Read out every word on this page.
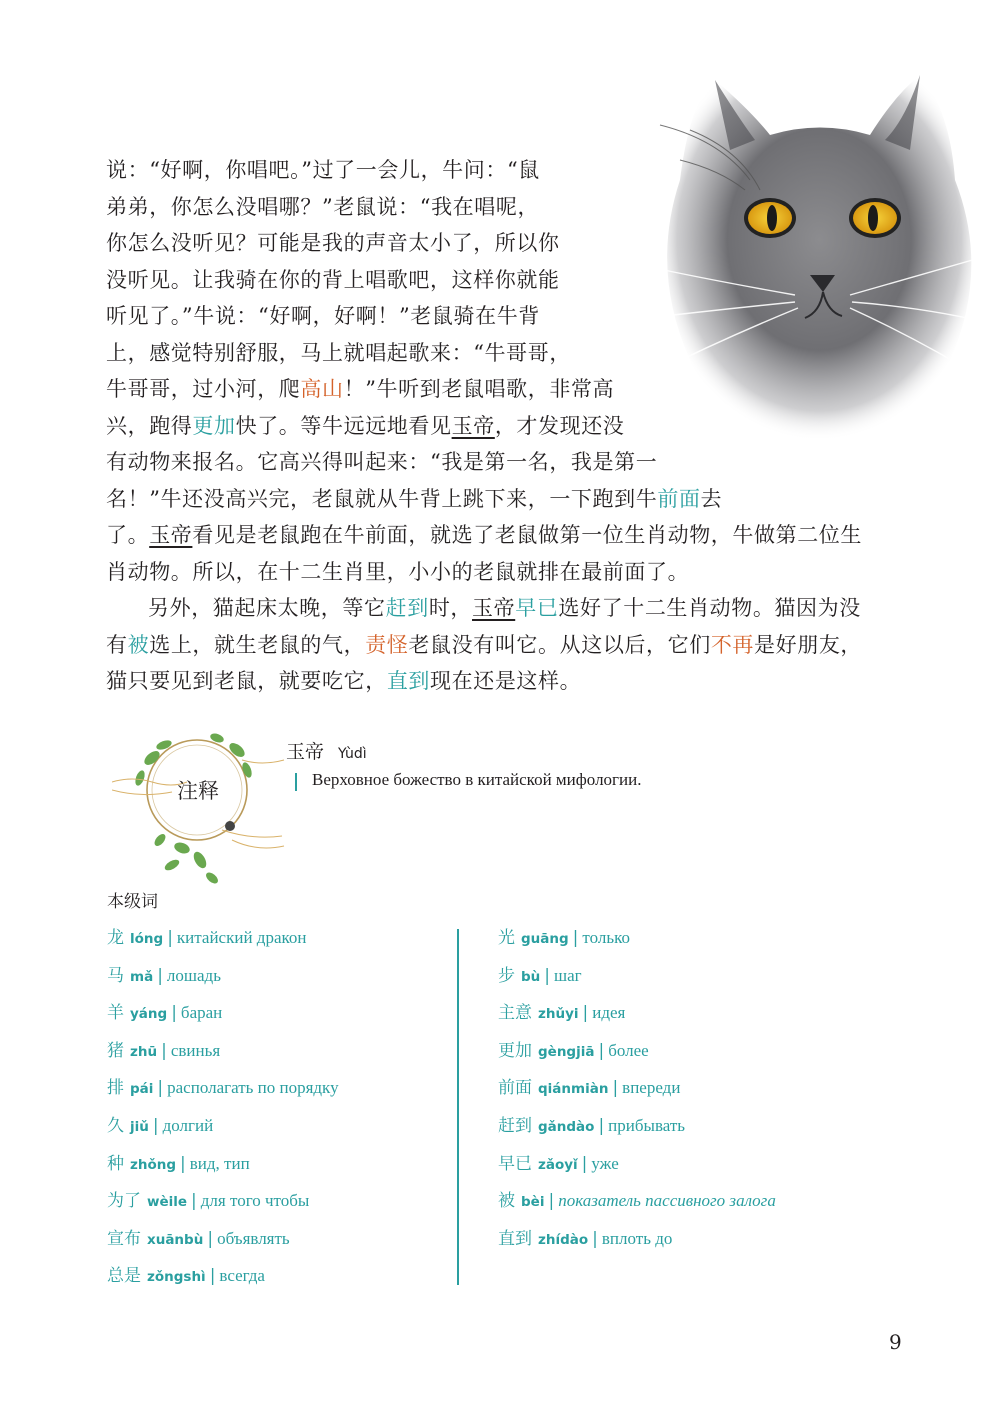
说：“好啊，你唱吧。”过了一会儿，牛问：“鼠
弟弟，你怎么没唱哪？”老鼠说：“我在唱呢，
你怎么没听见？可能是我的声音太小了，所以你
没听见。让我骑在你的背上唱歌吧，这样你就能
听见了。”牛说：“好啊，好啊！”老鼠骑在牛背
上，感觉特别舒服，马上就唱起歌来：“牛哥哥，
牛哥哥，过小河，爬高山！”牛听到老鼠唱歌，非常高
兴，跑得更加快了。等牛远远地看见玉帝，才发现还没
有动物来报名。它高兴得叫起来：“我是第一名，我是第一
名！”牛还没高兴完，老鼠就从牛背上跳下来，一下跑到牛前面去
了。玉帝看见是老鼠跑在牛前面，就选了老鼠做第一位生肖动物，牛做第二位生
肖动物。所以，在十二生肖里，小小的老鼠就排在最前面了。
另外，猫起床太晚，等它赶到时，玉帝早已选好了十二生肖动物。猫因为没
有被选上，就生老鼠的气，责怪老鼠没有叫它。从这以后，它们不再是好朋友，
猫只要见到老鼠，就要吃它，直到现在还是这样。
注释
玉帝 Yùdì
Верховное божество в китайской мифологии.
本级词
龙 lóng | китайский дракон
马 mǎ | лошадь
羊 yáng | баран
猪 zhū | свинья
排 pái | располагать по порядку
久 jiǔ | долгий
种 zhǒng | вид, тип
为了 wèile | для того чтобы
宣布 xuānbù | объявлять
总是 zǒngshì | всегда
光 guāng | только
步 bù | шаг
主意 zhǔyi | идея
更加 gèngjiā | более
前面 qiánmiàn | впереди
赶到 gǎndào | прибывать
早已 zǎoyǐ | уже
被 bèi | показатель пассивного залога
直到 zhídào | вплоть до
9
